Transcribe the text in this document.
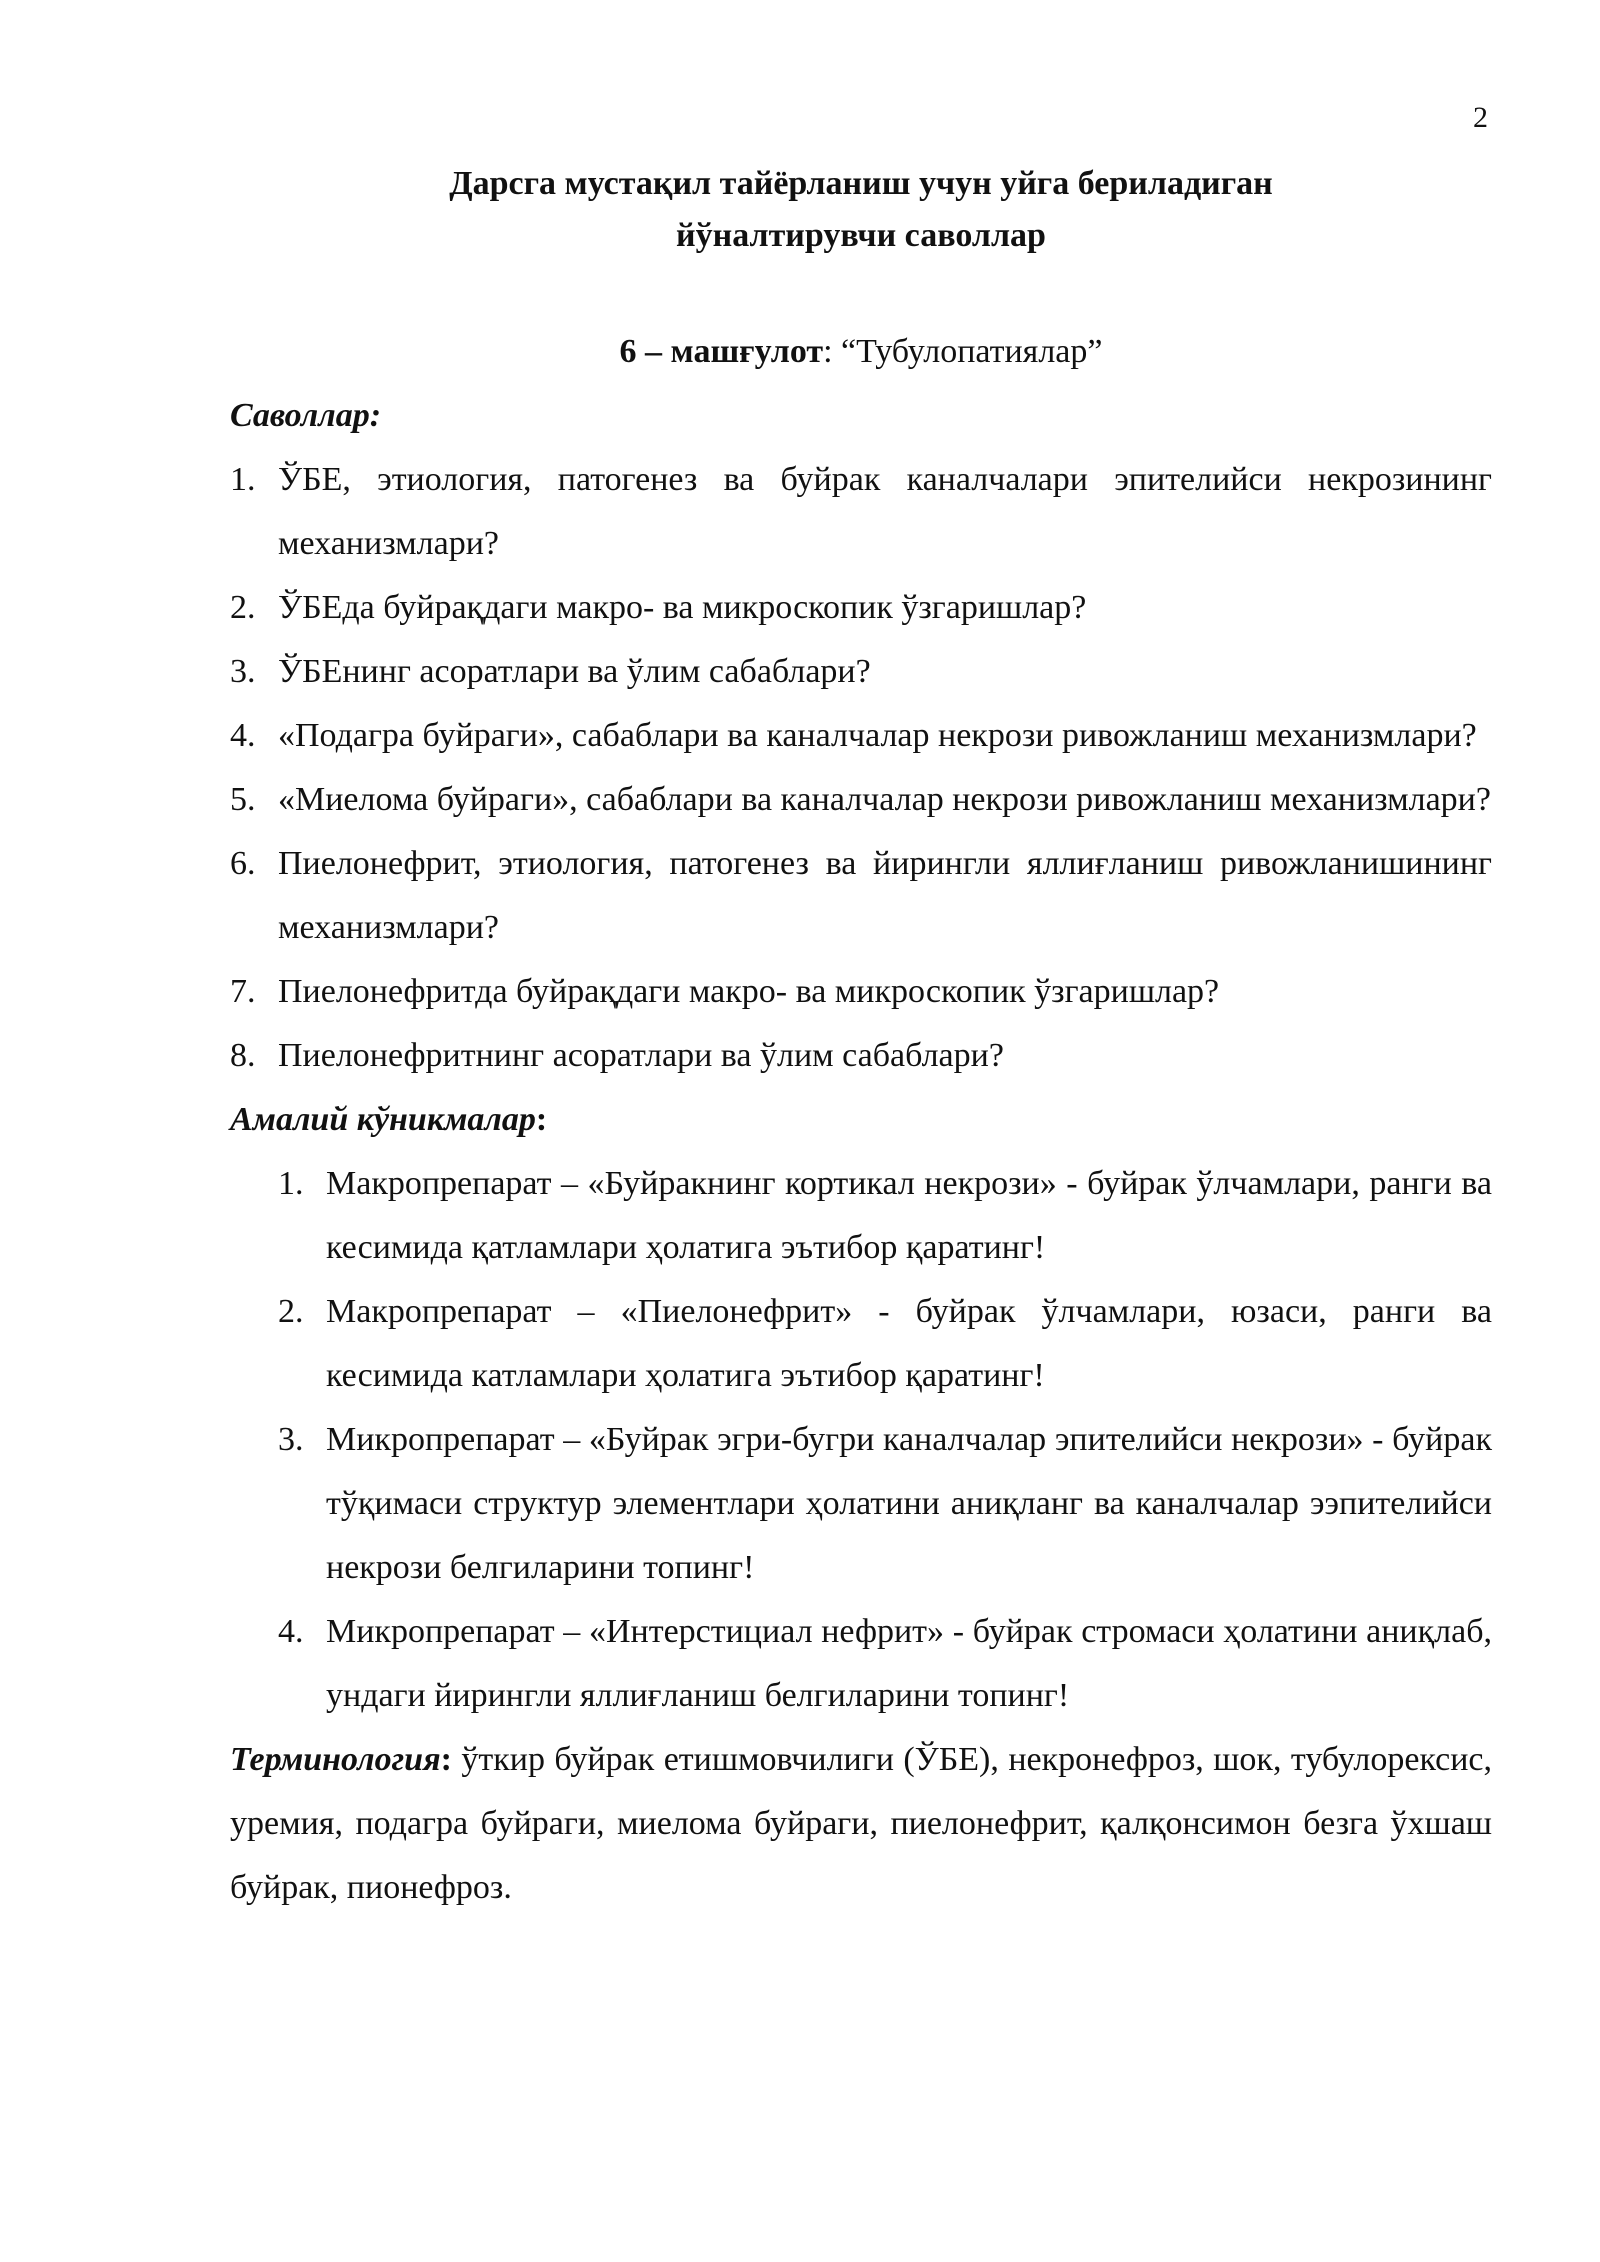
2

Дарсга мустақил тайёрланиш учун уйга бериладиган
йўналтирувчи саволлар

6 – машғулот: “Тубулопатиялар”

Саволлар:

1. ЎБЕ, этиология, патогенез ва буйрак каналчалари эпителийси некрозининг механизмлари?
2. ЎБЕда буйрақдаги макро- ва микроскопик ўзгаришлар?
3. ЎБЕнинг асоратлари ва ўлим сабаблари?
4. «Подагра буйраги», сабаблари ва каналчалар некрози ривожланиш механизмлари?
5. «Миелома буйраги», сабаблари ва каналчалар некрози ривожланиш механизмлари?
6. Пиелонефрит, этиология, патогенез ва йирингли яллиғланиш ривожланишининг механизмлари?
7. Пиелонефритда буйрақдаги макро- ва микроскопик ўзгаришлар?
8. Пиелонефритнинг асоратлари ва ўлим сабаблари?

Амалий кўникмалар:

1. Макропрепарат – «Буйракнинг кортикал некрози» - буйрак ўлчамлари, ранги ва кесимида қатламлари ҳолатига эътибор қаратинг!
2. Макропрепарат – «Пиелонефрит» - буйрак ўлчамлари, юзаси, ранги ва кесимида катламлари ҳолатига эътибор қаратинг!
3. Микропрепарат – «Буйрак эгри-бугри каналчалар эпителийси некрози» - буйрак тўқимаси структур элементлари ҳолатини аниқланг ва каналчалар ээпителийси некрози белгиларини топинг!
4. Микропрепарат – «Интерстициал нефрит» - буйрак стромаси ҳолатини аниқлаб, ундаги йирингли яллиғланиш белгиларини топинг!

Терминология: ўткир буйрак етишмовчилиги (ЎБЕ), некронефроз, шок, тубулорексис, уремия, подагра буйраги, миелома буйраги, пиелонефрит, қалқонсимон безга ўхшаш буйрак, пионефроз.
